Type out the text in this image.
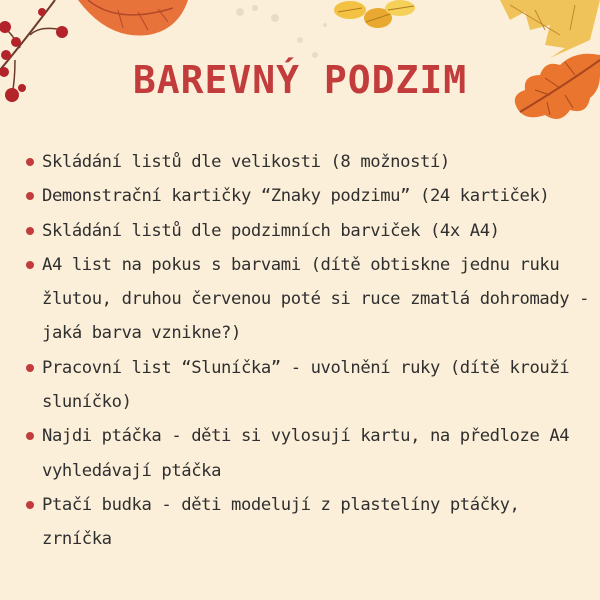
BAREVNÝ PODZIM
Skládání listů dle velikosti (8 možností)
Demonstrační kartičky “Znaky podzimu” (24 kartiček)
Skládání listů dle podzimních barviček (4x A4)
A4 list na pokus s barvami (dítě obtiskne jednu ruku žlutou, druhou červenou poté si ruce zmatlá dohromady - jaká barva vznikne?)
Pracovní list “Sluníčka” - uvolnění ruky (dítě krouží sluníčko)
Najdi ptáčka - děti si vylosují kartu, na předloze A4 vyhledávají ptáčka
Ptačí budka - děti modelují z plastelíny ptáčky, zrníčka
